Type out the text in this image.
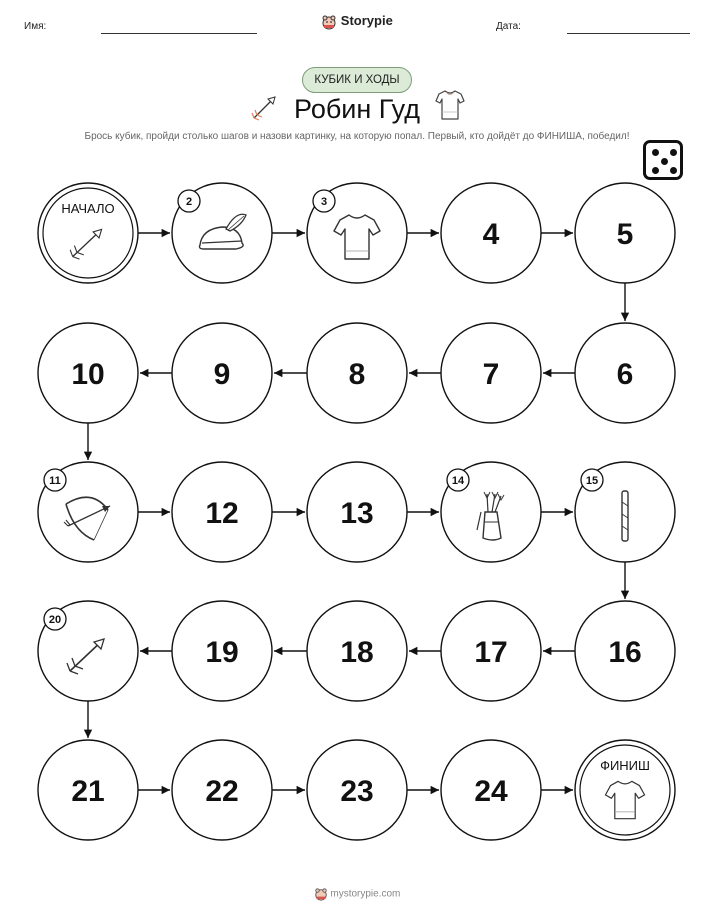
Имя:	Storypie	Дата:
КУБИК И ХОДЫ
Робин Гуд
Брось кубик, пройди столько шагов и назови картинку, на которую попал. Первый, кто дойдёт до ФИНИША, победил!
НАЧАЛО	2	3
4	5
6
7
8
9
10
11
12	13
14	15
16
17
18
19
20
21	22	23	24
ФИНИШ
mystorypie.com
